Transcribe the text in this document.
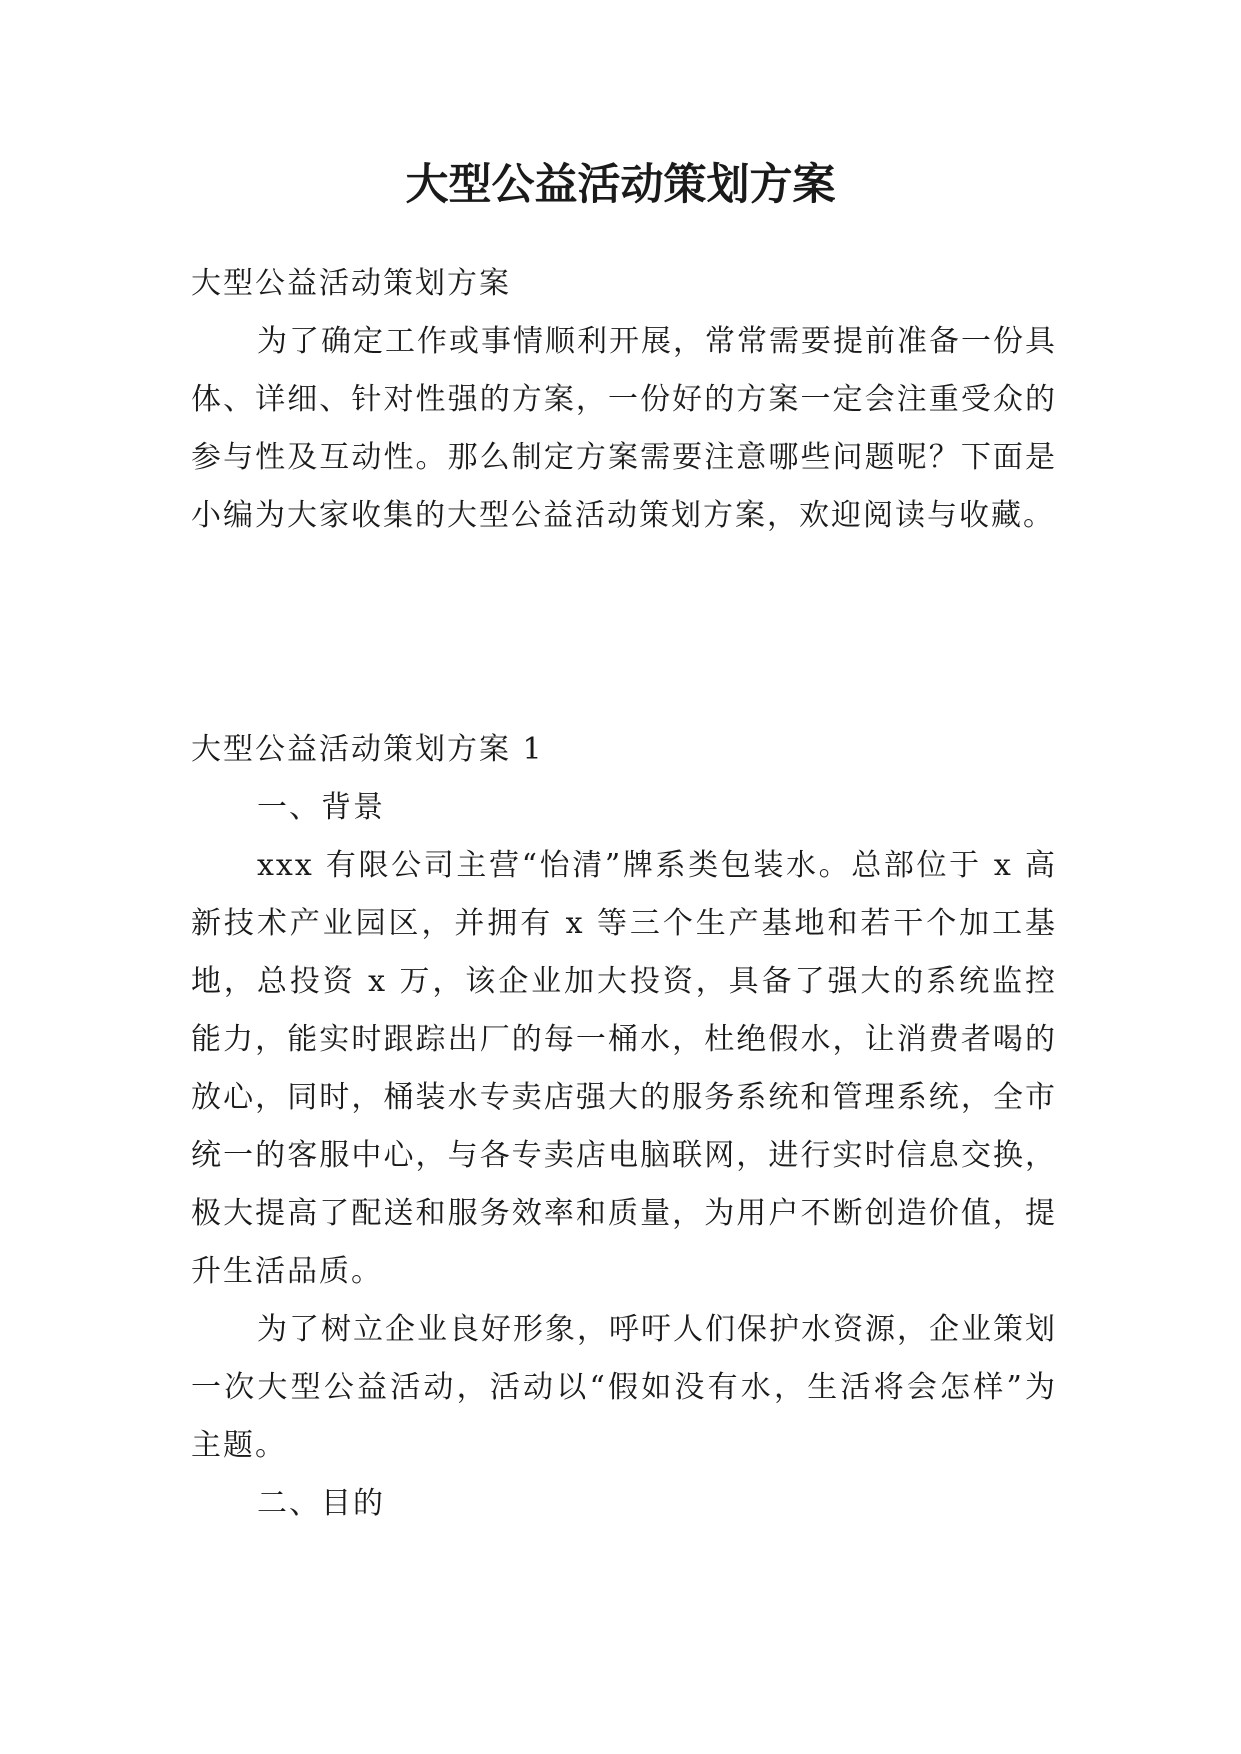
大型公益活动策划方案

大型公益活动策划方案

为了确定工作或事情顺利开展，常常需要提前准备一份具体、详细、针对性强的方案，一份好的方案一定会注重受众的参与性及互动性。那么制定方案需要注意哪些问题呢？下面是小编为大家收集的大型公益活动策划方案，欢迎阅读与收藏。

大型公益活动策划方案 1

一、背景

xxx 有限公司主营“怡清”牌系类包装水。总部位于 x 高新技术产业园区，并拥有 x 等三个生产基地和若干个加工基地，总投资 x 万，该企业加大投资，具备了强大的系统监控能力，能实时跟踪出厂的每一桶水，杜绝假水，让消费者喝的放心，同时，桶装水专卖店强大的服务系统和管理系统，全市统一的客服中心，与各专卖店电脑联网，进行实时信息交换，极大提高了配送和服务效率和质量，为用户不断创造价值，提升生活品质。

为了树立企业良好形象，呼吁人们保护水资源，企业策划一次大型公益活动，活动以“假如没有水，生活将会怎样”为主题。

二、目的
